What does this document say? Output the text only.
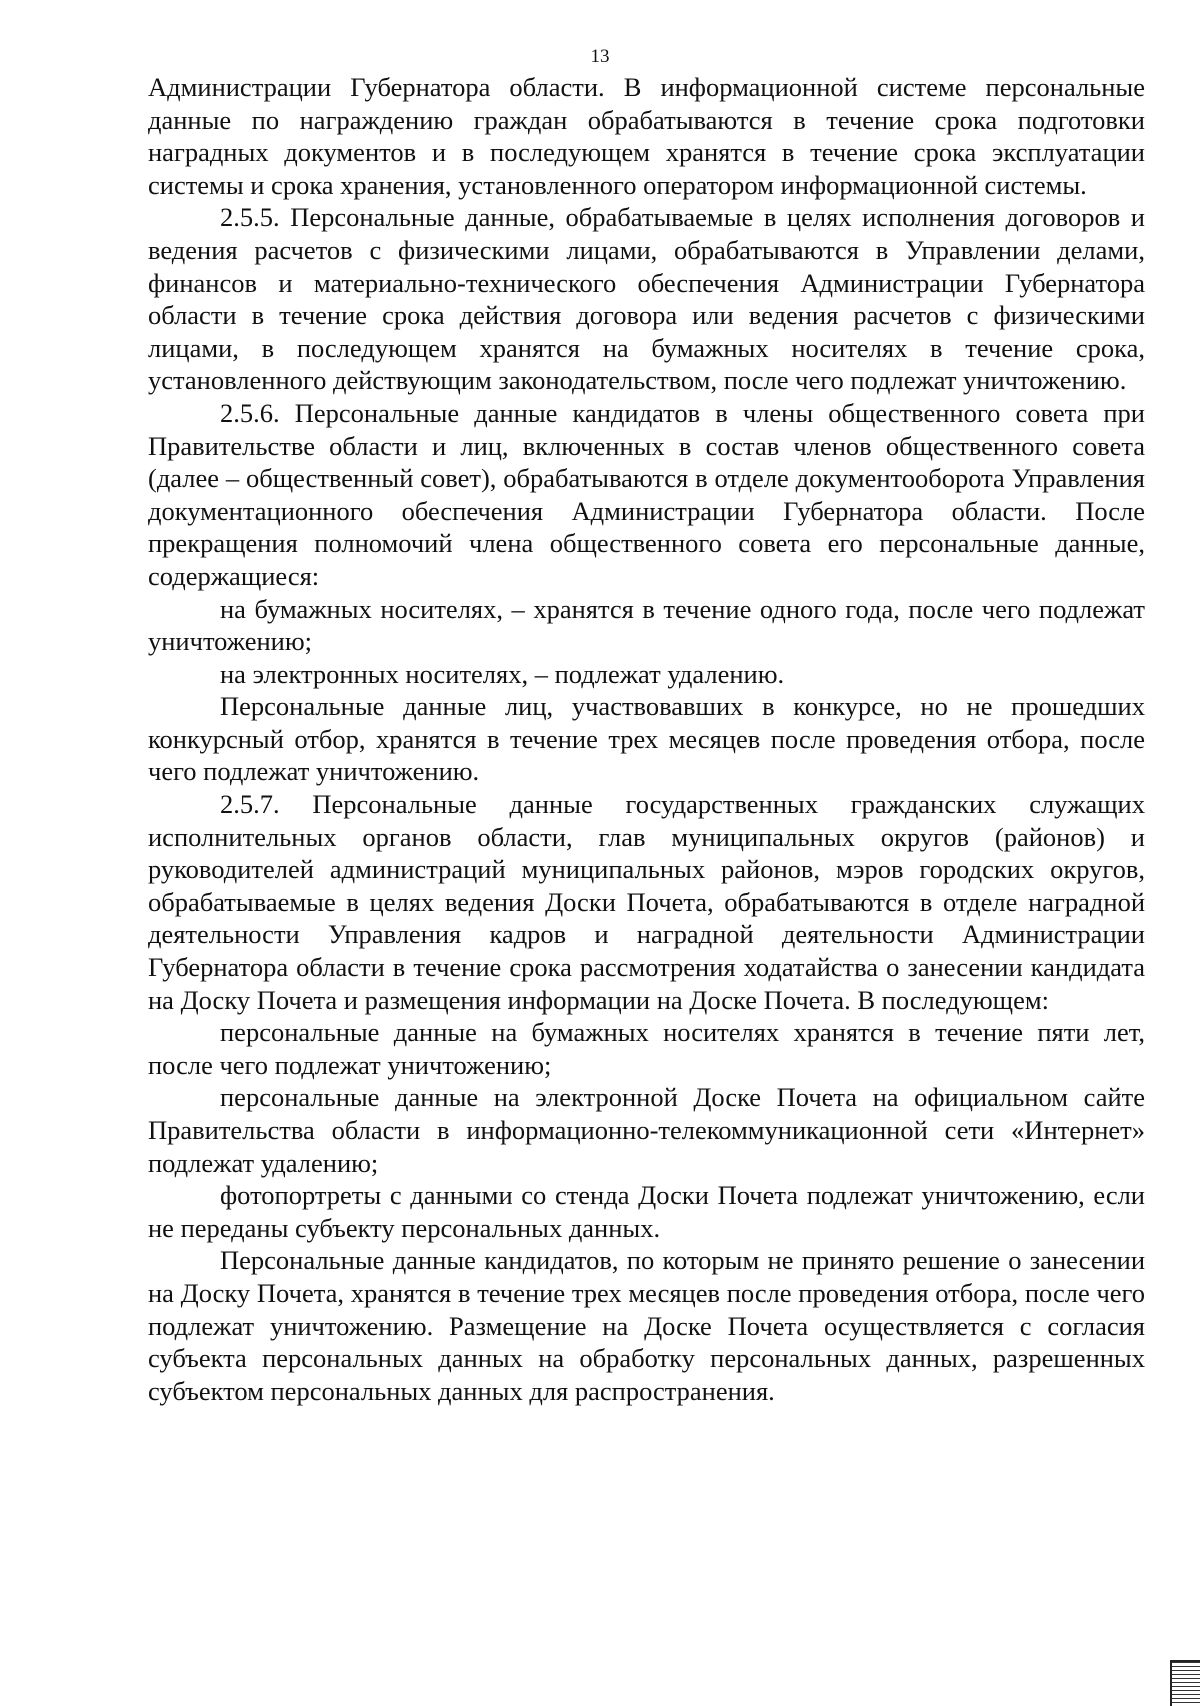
13

Администрации Губернатора области. В информационной системе персональные данные по награждению граждан обрабатываются в течение срока подготовки наградных документов и в последующем хранятся в течение срока эксплуатации системы и срока хранения, установленного оператором информационной системы.

2.5.5. Персональные данные, обрабатываемые в целях исполнения договоров и ведения расчетов с физическими лицами, обрабатываются в Управлении делами, финансов и материально-технического обеспечения Администрации Губернатора области в течение срока действия договора или ведения расчетов с физическими лицами, в последующем хранятся на бумажных носителях в течение срока, установленного действующим законодательством, после чего подлежат уничтожению.

2.5.6. Персональные данные кандидатов в члены общественного совета при Правительстве области и лиц, включенных в состав членов общественного совета (далее – общественный совет), обрабатываются в отделе документооборота Управления документационного обеспечения Администрации Губернатора области. После прекращения полномочий члена общественного совета его персональные данные, содержащиеся:

на бумажных носителях, – хранятся в течение одного года, после чего подлежат уничтожению;

на электронных носителях, – подлежат удалению.

Персональные данные лиц, участвовавших в конкурсе, но не прошедших конкурсный отбор, хранятся в течение трех месяцев после проведения отбора, после чего подлежат уничтожению.

2.5.7. Персональные данные государственных гражданских служащих исполнительных органов области, глав муниципальных округов (районов) и руководителей администраций муниципальных районов, мэров городских округов, обрабатываемые в целях ведения Доски Почета, обрабатываются в отделе наградной деятельности Управления кадров и наградной деятельности Администрации Губернатора области в течение срока рассмотрения ходатайства о занесении кандидата на Доску Почета и размещения информации на Доске Почета. В последующем:

персональные данные на бумажных носителях хранятся в течение пяти лет, после чего подлежат уничтожению;

персональные данные на электронной Доске Почета на официальном сайте Правительства области в информационно-телекоммуникационной сети «Интернет» подлежат удалению;

фотопортреты с данными со стенда Доски Почета подлежат уничтожению, если не переданы субъекту персональных данных.

Персональные данные кандидатов, по которым не принято решение о занесении на Доску Почета, хранятся в течение трех месяцев после проведения отбора, после чего подлежат уничтожению. Размещение на Доске Почета осуществляется с согласия субъекта персональных данных на обработку персональных данных, разрешенных субъектом персональных данных для распространения.
